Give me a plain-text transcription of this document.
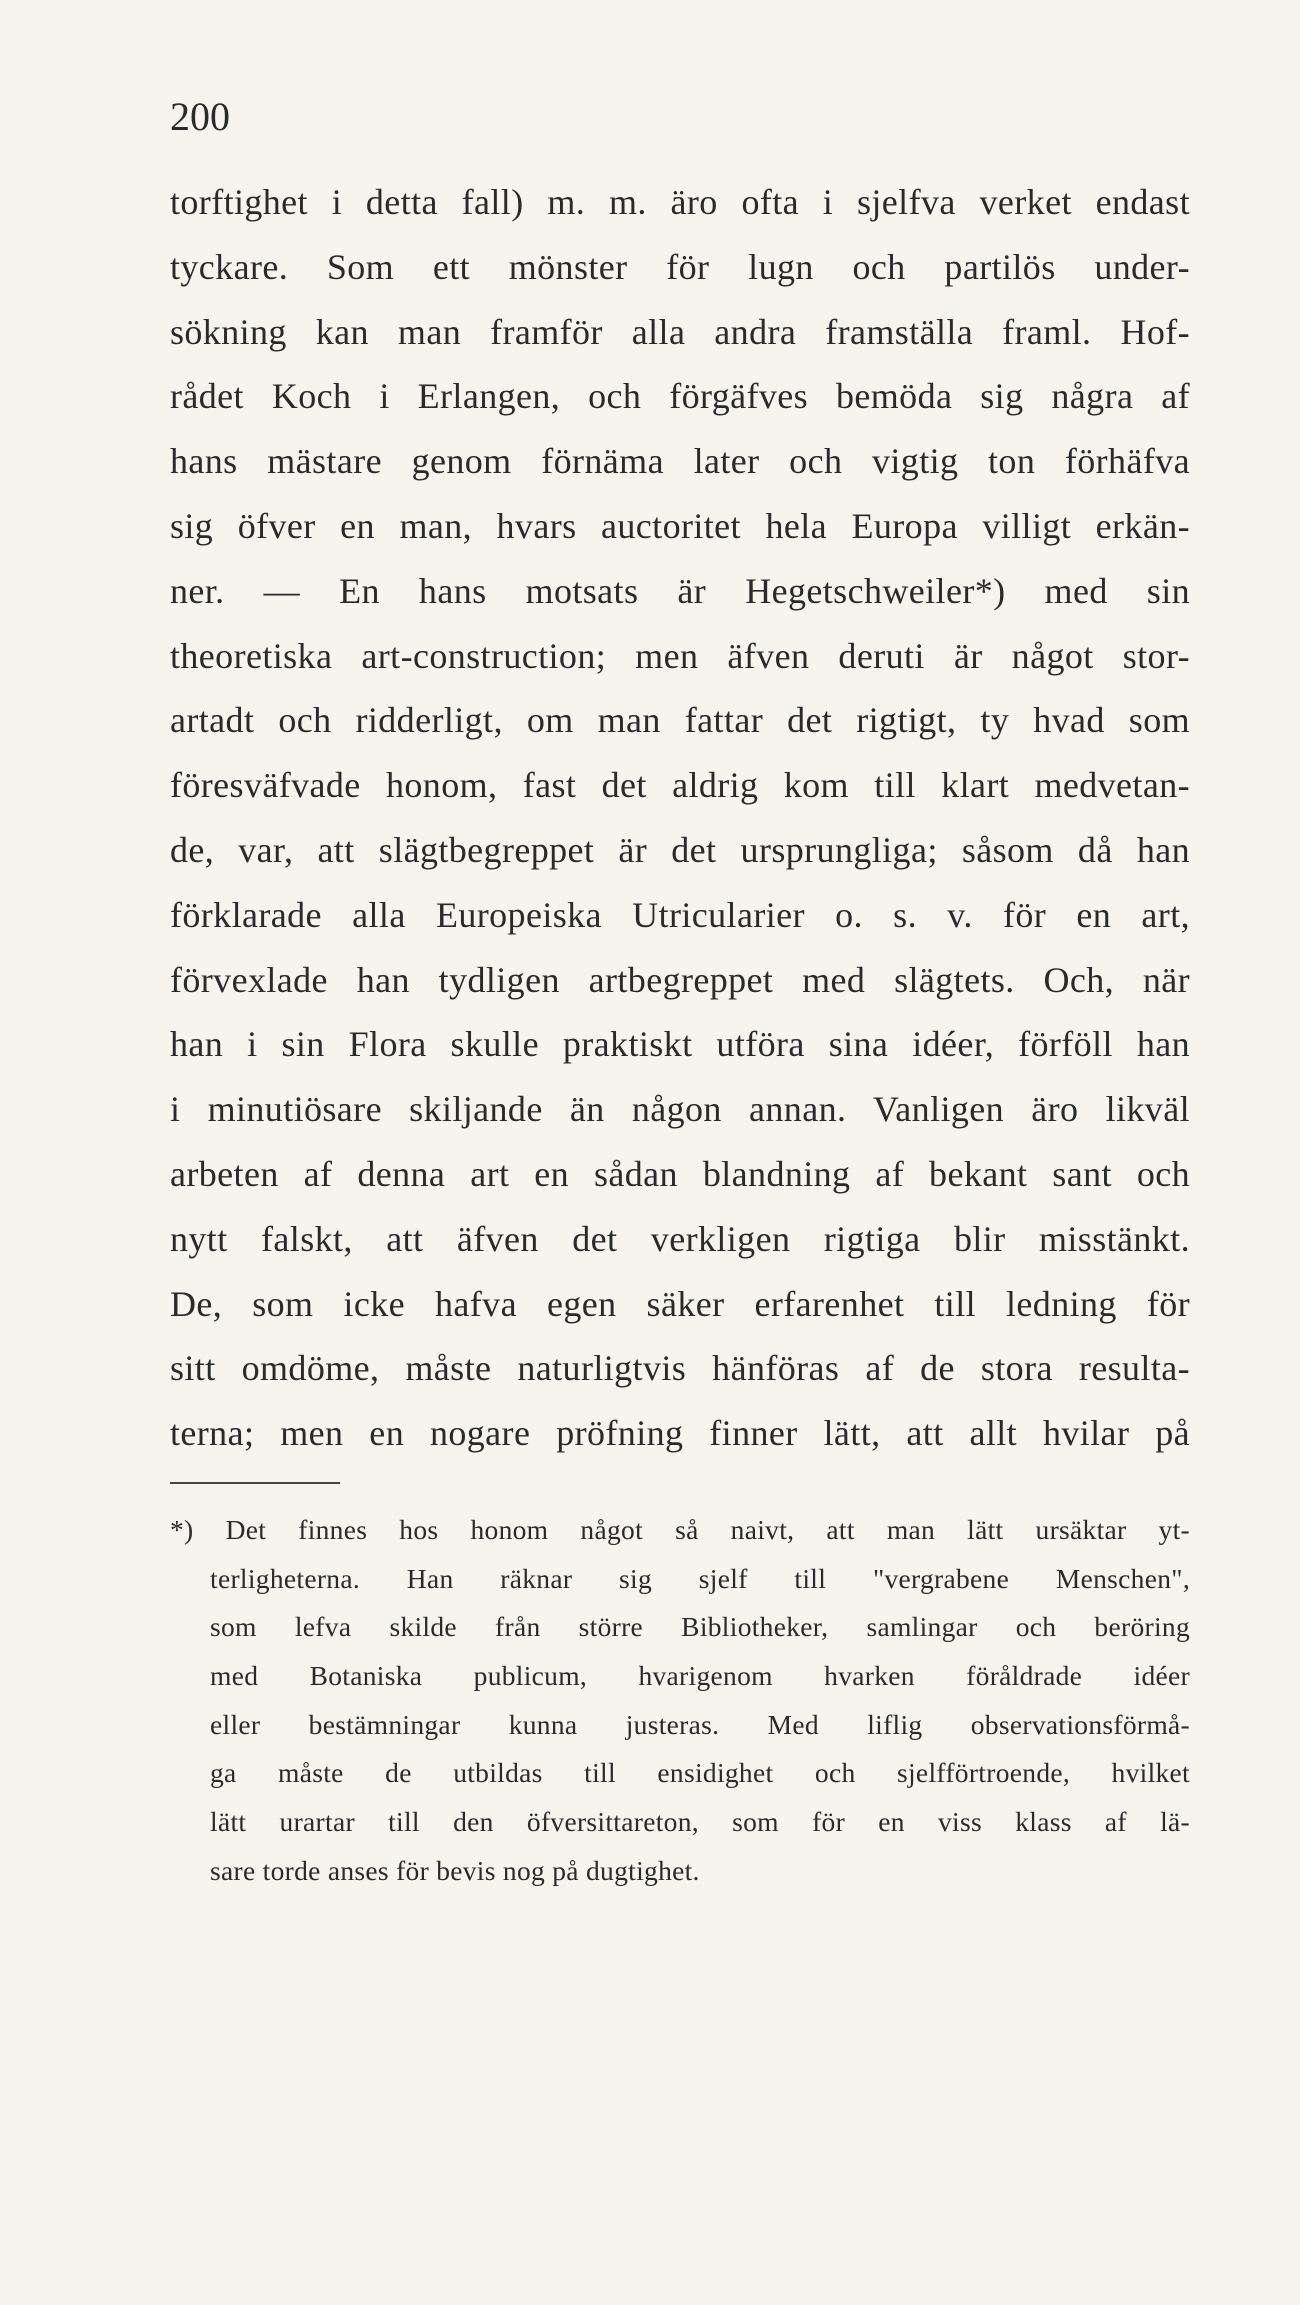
200
torftighet i detta fall) m. m. äro ofta i sjelfva verket endast
tyckare. Som ett mönster för lugn och partilös under-
sökning kan man framför alla andra framställa framl. Hof-
rådet Koch i Erlangen, och förgäfves bemöda sig några af
hans mästare genom förnäma later och vigtig ton förhäfva
sig öfver en man, hvars auctoritet hela Europa villigt erkän-
ner. — En hans motsats är Hegetschweiler*) med sin
theoretiska art-construction; men äfven deruti är något stor-
artadt och ridderligt, om man fattar det rigtigt, ty hvad som
föresväfvade honom, fast det aldrig kom till klart medvetan-
de, var, att slägtbegreppet är det ursprungliga; såsom då han
förklarade alla Europeiska Utricularier o. s. v. för en art,
förvexlade han tydligen artbegreppet med slägtets. Och, när
han i sin Flora skulle praktiskt utföra sina idéer, förföll han
i minutiösare skiljande än någon annan. Vanligen äro likväl
arbeten af denna art en sådan blandning af bekant sant och
nytt falskt, att äfven det verkligen rigtiga blir misstänkt.
De, som icke hafva egen säker erfarenhet till ledning för
sitt omdöme, måste naturligtvis hänföras af de stora resulta-
terna; men en nogare pröfning finner lätt, att allt hvilar på
*) Det finnes hos honom något så naivt, att man lätt ursäktar yt-
terligheterna. Han räknar sig sjelf till "vergrabene Menschen",
som lefva skilde från större Bibliotheker, samlingar och beröring
med Botaniska publicum, hvarigenom hvarken föråldrade idéer
eller bestämningar kunna justeras. Med liflig observationsförmå-
ga måste de utbildas till ensidighet och sjelfförtroende, hvilket
lätt urartar till den öfversittareton, som för en viss klass af lä-
sare torde anses för bevis nog på dugtighet.
